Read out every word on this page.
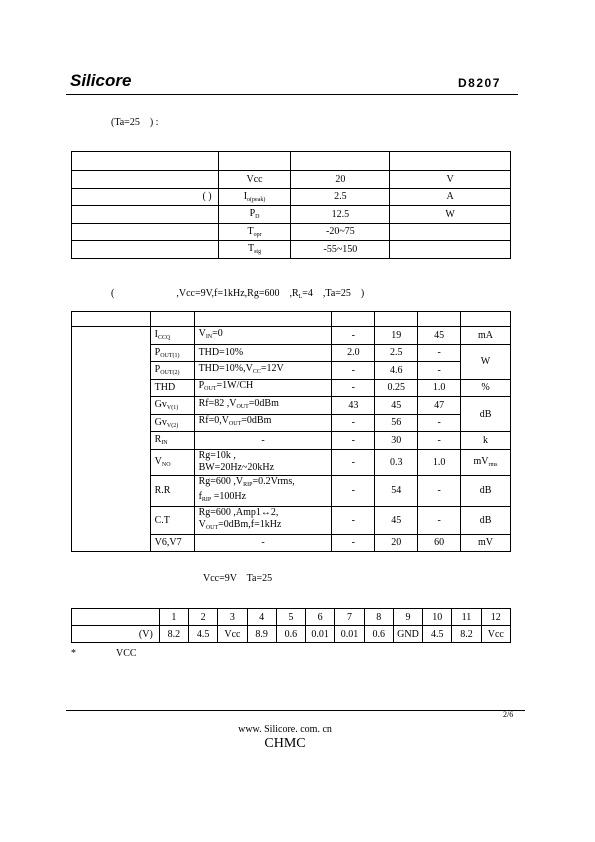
Silicore	D8207
(Ta=25    ) :

	Vcc	20	V
( )	$I_{o(peak)}$	2.5	A
	$P_D$	12.5	W
	$T_{opr}$	-20~75	
	$T_{stg}$	-55~150	

(	,Vcc=9V,f=1kHz,Rg=600    $,R_L=4$    ,Ta=25    )

	$I_{CCQ}$	$V_{IN}=0$	-	19	45	mA
	$P_{OUT(1)}$	THD=10%	2.0	2.5	-	W
	$P_{OUT(2)}$	$THD=10\%,V_{CC}=12V$	-	4.6	-	
	THD	$P_{OUT}=1W/CH$	-	0.25	1.0	%
	$Gv_{V(1)}$	Rf=82 $,V_{OUT}=0dBm$	43	45	47	dB
	$Gv_{V(2)}$	$Rf=0,V_{OUT}=0dBm$	-	56	-	
	$R_{IN}$	-	-	30	-	k
	$V_{NO}$	Rg=10k ,
BW=20Hz~20kHz	-	0.3	1.0	$mV_{rms}$
	R.R	Rg=600 $,V_{RIP}=0.2Vrms$,
$f_{RIP} =100Hz$	-	54	-	dB
	C.T	Rg=600 ,Amp1↔2,
$V_{OUT}=0dBm,f=1kHz$	-	45	-	dB
	V6,V7	-	-	20	60	mV
Vcc=9V    Ta=25
	1	2	3	4	5	6	7	8	9	10	11	12
(V)	8.2	4.5	Vcc	8.9	0.6	0.01	0.01	0.6	GND	4.5	8.2	Vcc
*	VCC
2/6
www. Silicore. com. cn
CHMC
